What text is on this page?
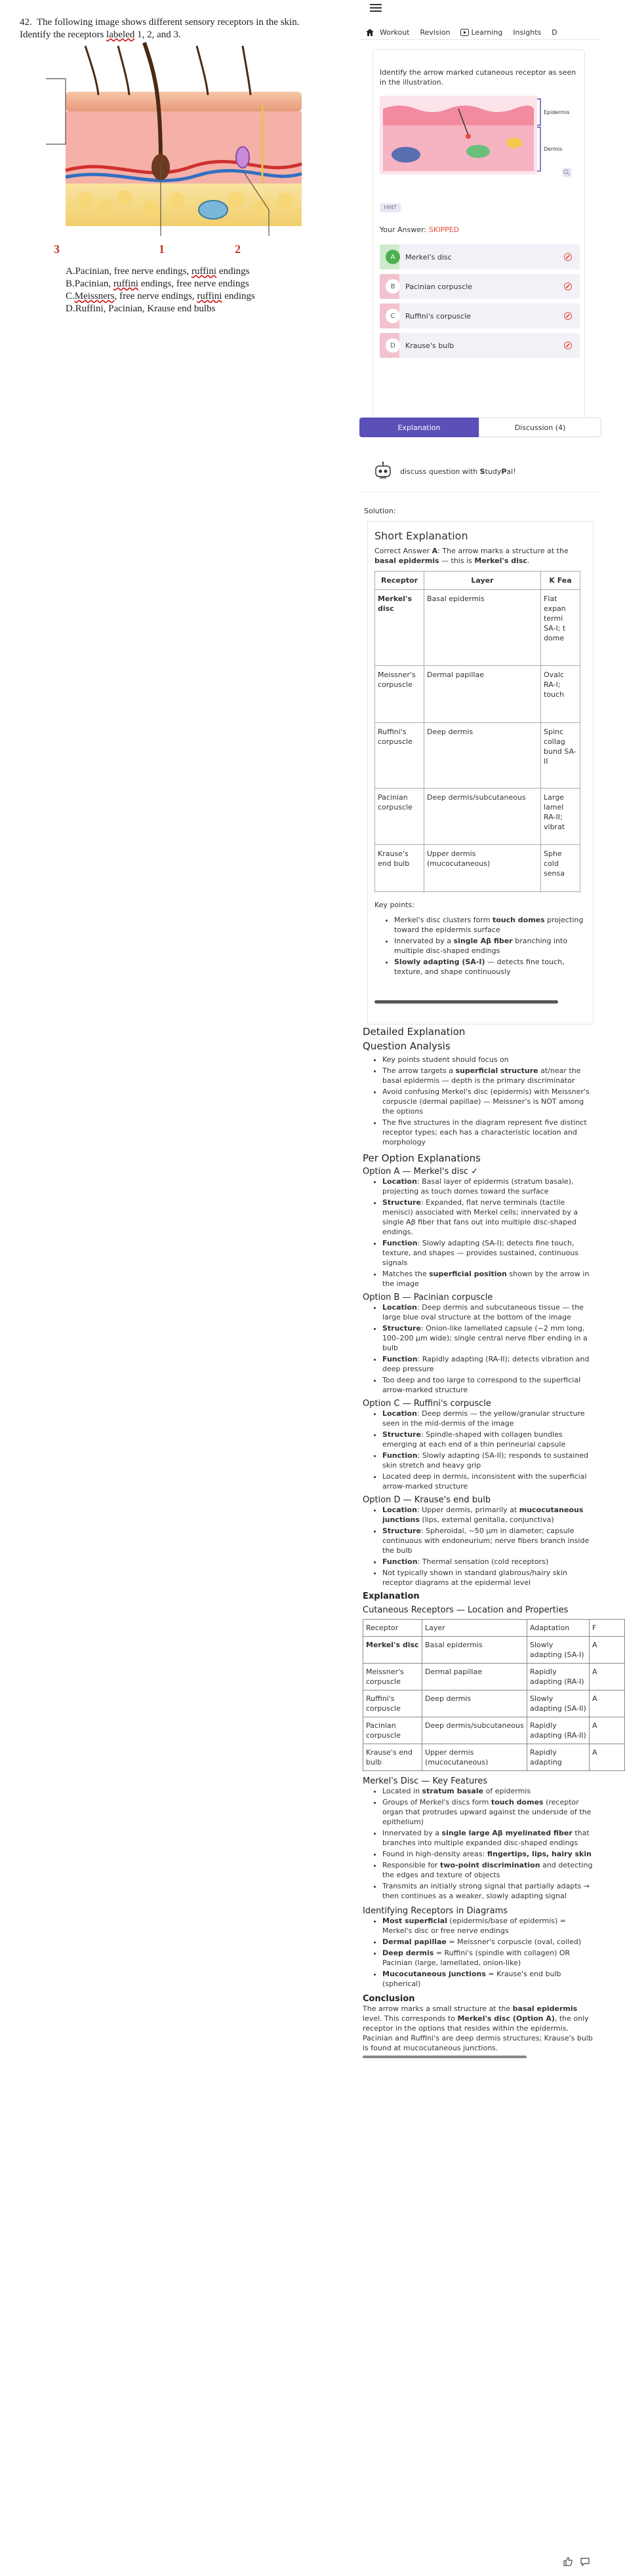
42. The following image shows different sensory receptors in the skin. Identify the receptors labeled 1, 2, and 3.
3	1	2
A.Pacinian, free nerve endings, ruffini endings
B.Pacinian, ruffini endings, free nerve endings
C.Meissners, free nerve endings, ruffini endings
D.Ruffini, Pacinian, Krause end bulbs
Workout Revision	Learning Insights D
Identify the arrow marked cutaneous receptor as seen in the illustration.
Epidermis
Dermis
HINT
Your Answer: SKIPPED
A	Merkel's disc
B	Pacinian corpuscle
C	Ruffini's corpuscle
D	Krause's bulb
Explanation	Discussion (4)
discuss question with StudyPal!
Solution:
Short Explanation
Correct Answer A: The arrow marks a structure at the basal epidermis — this is Merkel's disc.
Receptor	Layer	K Fea
Merkel's disc	Basal epidermis	Flat expan termi SA-I; t dome
Meissner's corpuscle	Dermal papillae	Ovalc RA-I; touch
Ruffini's corpuscle	Deep dermis	Spinc collag bund SA-II
Pacinian corpuscle	Deep dermis/subcutaneous	Large lamel RA-II; vibrat
Krause's end bulb	Upper dermis (mucocutaneous)	Sphe cold sensa
Key points:
• Merkel's disc clusters form touch domes projecting toward the epidermis surface
• Innervated by a single Aβ fiber branching into multiple disc-shaped endings
• Slowly adapting (SA-I) — detects fine touch, texture, and shape continuously
Detailed Explanation
Question Analysis
• Key points student should focus on
• The arrow targets a superficial structure at/near the basal epidermis — depth is the primary discriminator
• Avoid confusing Merkel's disc (epidermis) with Meissner's corpuscle (dermal papillae) — Meissner's is NOT among the options
• The five structures in the diagram represent five distinct receptor types; each has a characteristic location and morphology
Per Option Explanations
Option A — Merkel's disc ✓
• Location: Basal layer of epidermis (stratum basale), projecting as touch domes toward the surface
• Structure: Expanded, flat nerve terminals (tactile menisci) associated with Merkel cells; innervated by a single Aβ fiber that fans out into multiple disc-shaped endings.
• Function: Slowly adapting (SA-I); detects fine touch, texture, and shapes — provides sustained, continuous signals
• Matches the superficial position shown by the arrow in the image
Option B — Pacinian corpuscle
• Location: Deep dermis and subcutaneous tissue — the large blue oval structure at the bottom of the image
• Structure: Onion-like lamellated capsule (~2 mm long, 100–200 µm wide); single central nerve fiber ending in a bulb
• Function: Rapidly adapting (RA-II); detects vibration and deep pressure
• Too deep and too large to correspond to the superficial arrow-marked structure
Option C — Ruffini's corpuscle
• Location: Deep dermis — the yellow/granular structure seen in the mid-dermis of the image
• Structure: Spindle-shaped with collagen bundles emerging at each end of a thin perineurial capsule
• Function: Slowly adapting (SA-II); responds to sustained skin stretch and heavy grip
• Located deep in dermis, inconsistent with the superficial arrow-marked structure
Option D — Krause's end bulb
• Location: Upper dermis, primarily at mucocutaneous junctions (lips, external genitalia, conjunctiva)
• Structure: Spheroidal, ~50 µm in diameter; capsule continuous with endoneurium; nerve fibers branch inside the bulb
• Function: Thermal sensation (cold receptors)
• Not typically shown in standard glabrous/hairy skin receptor diagrams at the epidermal level
Explanation
Cutaneous Receptors — Location and Properties
Receptor	Layer	Adaptation	F
Merkel's disc	Basal epidermis	Slowly adapting (SA-I)	A
Meissner's corpuscle	Dermal papillae	Rapidly adapting (RA-I)	A
Ruffini's corpuscle	Deep dermis	Slowly adapting (SA-II)	A
Pacinian corpuscle	Deep dermis/subcutaneous	Rapidly adapting (RA-II)	A
Krause's end bulb	Upper dermis (mucocutaneous)	Rapidly adapting	A
Merkel's Disc — Key Features
• Located in stratum basale of epidermis
• Groups of Merkel's discs form touch domes (receptor organ that protrudes upward against the underside of the epithelium)
• Innervated by a single large Aβ myelinated fiber that branches into multiple expanded disc-shaped endings
• Found in high-density areas: fingertips, lips, hairy skin
• Responsible for two-point discrimination and detecting the edges and texture of objects
• Transmits an initially strong signal that partially adapts → then continues as a weaker, slowly adapting signal
Identifying Receptors in Diagrams
• Most superficial (epidermis/base of epidermis) = Merkel's disc or free nerve endings
• Dermal papillae = Meissner's corpuscle (oval, coiled)
• Deep dermis = Ruffini's (spindle with collagen) OR Pacinian (large, lamellated, onion-like)
• Mucocutaneous junctions = Krause's end bulb (spherical)
Conclusion
The arrow marks a small structure at the basal epidermis level. This corresponds to Merkel's disc (Option A), the only receptor in the options that resides within the epidermis. Pacinian and Ruffini's are deep dermis structures; Krause's bulb is found at mucocutaneous junctions.
